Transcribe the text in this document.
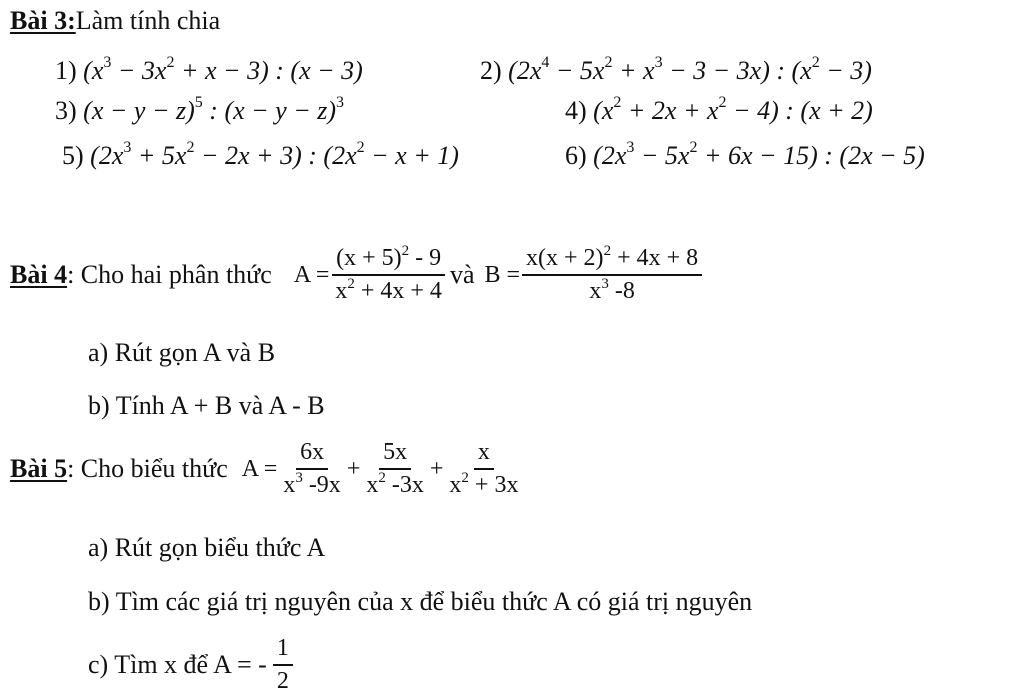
Bài 3:Làm tính chia
1) $(x^3 - 3x^2 + x - 3)$ : (x − 3)	2) $(2x^4 - 5x^2 + x^3 - 3 - 3x)$ : $(x^2 - 3)$
3) $(x - y - z)^5$ : $(x - y - z)^3$	4) $(x^2 + 2x + x^2 - 4)$ : (x + 2)
5) $(2x^3 + 5x^2 - 2x + 3)$ : $(2x^2 - x + 1)$	6) $(2x^3 - 5x^2 + 6x - 15)$ : (2x − 5)
Bài 4 : Cho hai phân thức $A = \frac{(x + 5)^2 - 9}{x^2 + 4x + 4}$ và $B = \frac{x(x + 2)^2 + 4x + 8}{x^3 -8}$
a) Rút gọn A và B
b) Tính A + B và A - B
Bài 5 : Cho biểu thức $A = \frac{6x}{x^3 -9x} + \frac{5x}{x^2 -3x} + \frac{x}{x^2 + 3x}$
a) Rút gọn biểu thức A
b) Tìm các giá trị nguyên của x để biểu thức A có giá trị nguyên
c) Tìm x để A = - $\frac{1}{2}$
